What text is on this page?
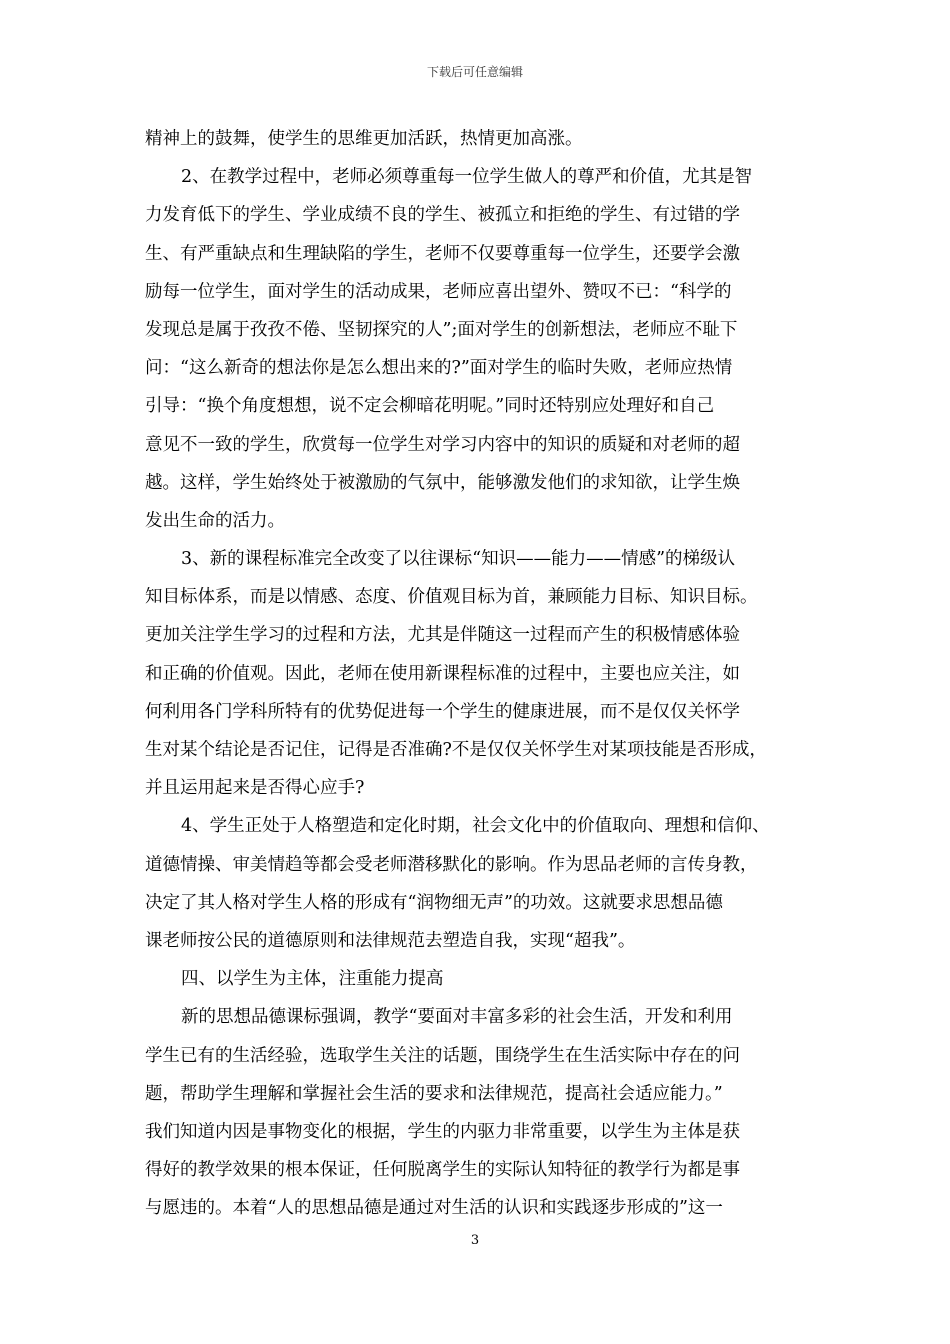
下载后可任意编辑
精神上的鼓舞，使学生的思维更加活跃，热情更加高涨。
2、在教学过程中，老师必须尊重每一位学生做人的尊严和价值，尤其是智
力发育低下的学生、学业成绩不良的学生、被孤立和拒绝的学生、有过错的学
生、有严重缺点和生理缺陷的学生，老师不仅要尊重每一位学生，还要学会激
励每一位学生，面对学生的活动成果，老师应喜出望外、赞叹不已：“科学的
发现总是属于孜孜不倦、坚韧探究的人”;面对学生的创新想法，老师应不耻下
问：“这么新奇的想法你是怎么想出来的?”面对学生的临时失败，老师应热情
引导：“换个角度想想，说不定会柳暗花明呢。”同时还特别应处理好和自己
意见不一致的学生，欣赏每一位学生对学习内容中的知识的质疑和对老师的超
越。这样，学生始终处于被激励的气氛中，能够激发他们的求知欲，让学生焕
发出生命的活力。
3、新的课程标准完全改变了以往课标“知识——能力——情感”的梯级认
知目标体系，而是以情感、态度、价值观目标为首，兼顾能力目标、知识目标。
更加关注学生学习的过程和方法，尤其是伴随这一过程而产生的积极情感体验
和正确的价值观。因此，老师在使用新课程标准的过程中，主要也应关注，如
何利用各门学科所特有的优势促进每一个学生的健康进展，而不是仅仅关怀学
生对某个结论是否记住，记得是否准确?不是仅仅关怀学生对某项技能是否形成，
并且运用起来是否得心应手?
4、学生正处于人格塑造和定化时期，社会文化中的价值取向、理想和信仰、
道德情操、审美情趋等都会受老师潜移默化的影响。作为思品老师的言传身教，
决定了其人格对学生人格的形成有“润物细无声”的功效。这就要求思想品德
课老师按公民的道德原则和法律规范去塑造自我，实现“超我”。
四、以学生为主体，注重能力提高
新的思想品德课标强调，教学“要面对丰富多彩的社会生活，开发和利用
学生已有的生活经验，选取学生关注的话题，围绕学生在生活实际中存在的问
题，帮助学生理解和掌握社会生活的要求和法律规范，提高社会适应能力。”
我们知道内因是事物变化的根据，学生的内驱力非常重要，以学生为主体是获
得好的教学效果的根本保证，任何脱离学生的实际认知特征的教学行为都是事
与愿违的。本着“人的思想品德是通过对生活的认识和实践逐步形成的”这一
3
